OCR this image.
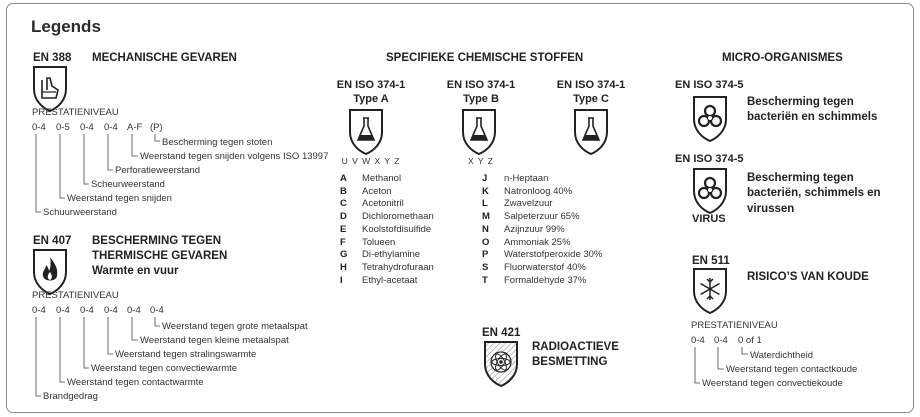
Legends
EN 388 MECHANISCHE GEVAREN
PRESTATIENIVEAU
0-4 0-5 0-4 0-4 A-F (P)
Bescherming tegen stoten
Weerstand tegen snijden volgens ISO 13997
Perforatieweerstand
Scheurweerstand
Weerstand tegen snijden
Schuurweerstand
EN 407 BESCHERMING TEGEN
THERMISCHE GEVAREN
Warmte en vuur
PRESTATIENIVEAU
0-4 0-4 0-4 0-4 0-4 0-4
Weerstand tegen grote metaalspat
Weerstand tegen kleine metaalspat
Weerstand tegen stralingswarmte
Weerstand tegen convectiewarmte
Weerstand tegen contactwarmte
Brandgedrag
SPECIFIEKE CHEMISCHE STOFFEN
EN ISO 374-1
Type A
U V W X Y Z
EN ISO 374-1
Type B
X Y Z
EN ISO 374-1
Type C
A Methanol
B Aceton
C Acetonitril
D Dichloromethaan
E Koolstofdisulfide
F Tolueen
G Di-ethylamine
H Tetrahydrofuraan
I Ethyl-acetaat
J n-Heptaan
K Natronloog 40%
L Zwavelzuur
M Salpeterzuur 65%
N Azijnzuur 99%
O Ammoniak 25%
P Waterstofperoxide 30%
S Fluorwaterstof 40%
T Formaldehyde 37%
EN 421
RADIOACTIEVE
BESMETTING
MICRO-ORGANISMES
EN ISO 374-5
Bescherming tegen
bacteriën en schimmels
EN ISO 374-5
VIRUS
Bescherming tegen
bacteriën, schimmels en
virussen
EN 511
RISICO’S VAN KOUDE
PRESTATIENIVEAU
0-4 0-4 0 of 1
Waterdichtheid
Weerstand tegen contactkoude
Weerstand tegen convectiekoude
